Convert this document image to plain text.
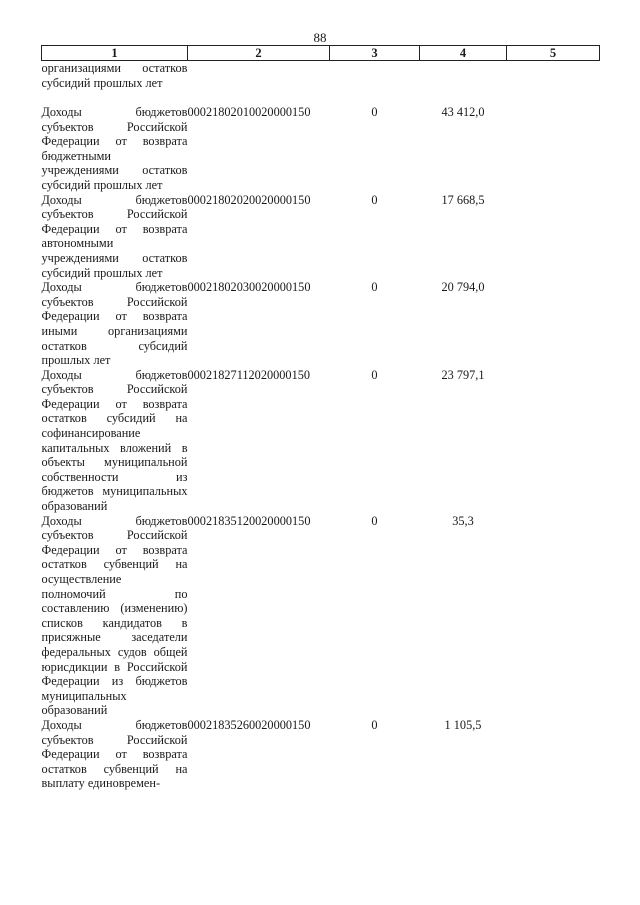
88
1	2	3	4	5
организациями остатков субсидий прошлых лет				
Доходы бюджетов субъектов Российской Федерации от возврата бюджетными учреждениями остатков субсидий прошлых лет	00021802010020000150	0	43 412,0	
Доходы бюджетов субъектов Российской Федерации от возврата автономными учреждениями остатков субсидий прошлых лет	00021802020020000150	0	17 668,5	
Доходы бюджетов субъектов Российской Федерации от возврата иными организациями остатков субсидий прошлых лет	00021802030020000150	0	20 794,0	
Доходы бюджетов субъектов Российской Федерации от возврата остатков субсидий на софинансирование капитальных вложений в объекты муниципальной собственности из бюджетов муниципальных образований	00021827112020000150	0	23 797,1	
Доходы бюджетов субъектов Российской Федерации от возврата остатков субвенций на осуществление полномочий по составлению (изменению) списков кандидатов в присяжные заседатели федеральных судов общей юрисдикции в Российской Федерации из бюджетов муниципальных образований	00021835120020000150	0	35,3	
Доходы бюджетов субъектов Российской Федерации от возврата остатков субвенций на выплату единовремен-	00021835260020000150	0	1 105,5	
